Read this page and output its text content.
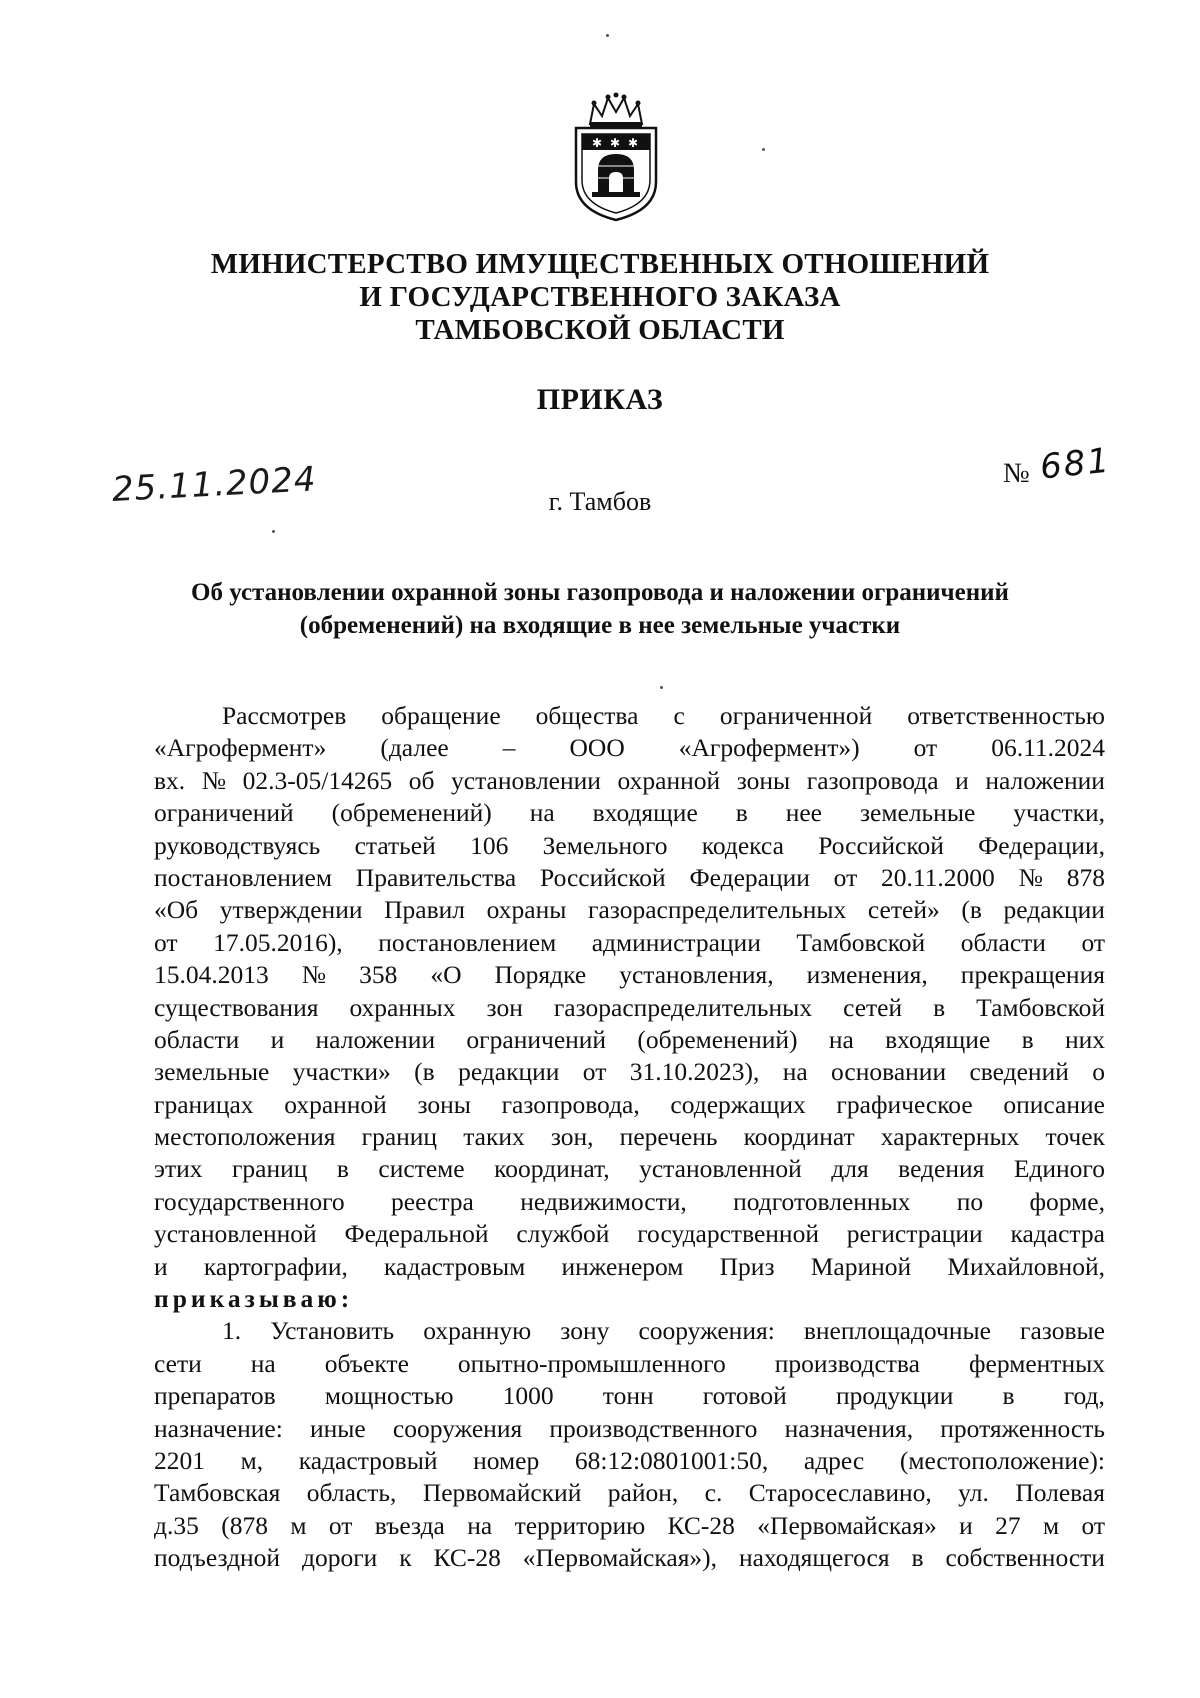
✱ ✱ ✱
МИНИСТЕРСТВО ИМУЩЕСТВЕННЫХ ОТНОШЕНИЙ
И ГОСУДАРСТВЕННОГО ЗАКАЗА
ТАМБОВСКОЙ ОБЛАСТИ
ПРИКАЗ
25.11.2024	№ 681
г. Тамбов
Об установлении охранной зоны газопровода и наложении ограничений
(обременений) на входящие в нее земельные участки
Рассмотрев обращение общества с ограниченной ответственностью
«Агрофермент» (далее – ООО «Агрофермент») от 06.11.2024
вх. № 02.3-05/14265 об установлении охранной зоны газопровода и наложении
ограничений (обременений) на входящие в нее земельные участки,
руководствуясь статьей 106 Земельного кодекса Российской Федерации,
постановлением Правительства Российской Федерации от 20.11.2000 № 878
«Об утверждении Правил охраны газораспределительных сетей» (в редакции
от 17.05.2016), постановлением администрации Тамбовской области от
15.04.2013 № 358 «О Порядке установления, изменения, прекращения
существования охранных зон газораспределительных сетей в Тамбовской
области и наложении ограничений (обременений) на входящие в них
земельные участки» (в редакции от 31.10.2023), на основании сведений о
границах охранной зоны газопровода, содержащих графическое описание
местоположения границ таких зон, перечень координат характерных точек
этих границ в системе координат, установленной для ведения Единого
государственного реестра недвижимости, подготовленных по форме,
установленной Федеральной службой государственной регистрации кадастра
и картографии, кадастровым инженером Приз Мариной Михайловной,
приказываю:
1. Установить охранную зону сооружения: внеплощадочные газовые
сети на объекте опытно-промышленного производства ферментных
препаратов мощностью 1000 тонн готовой продукции в год,
назначение: иные сооружения производственного назначения, протяженность
2201 м, кадастровый номер 68:12:0801001:50, адрес (местоположение):
Тамбовская область, Первомайский район, с. Старосеславино, ул. Полевая
д.35 (878 м от въезда на территорию КС-28 «Первомайская» и 27 м от
подъездной дороги к КС-28 «Первомайская»), находящегося в собственности
